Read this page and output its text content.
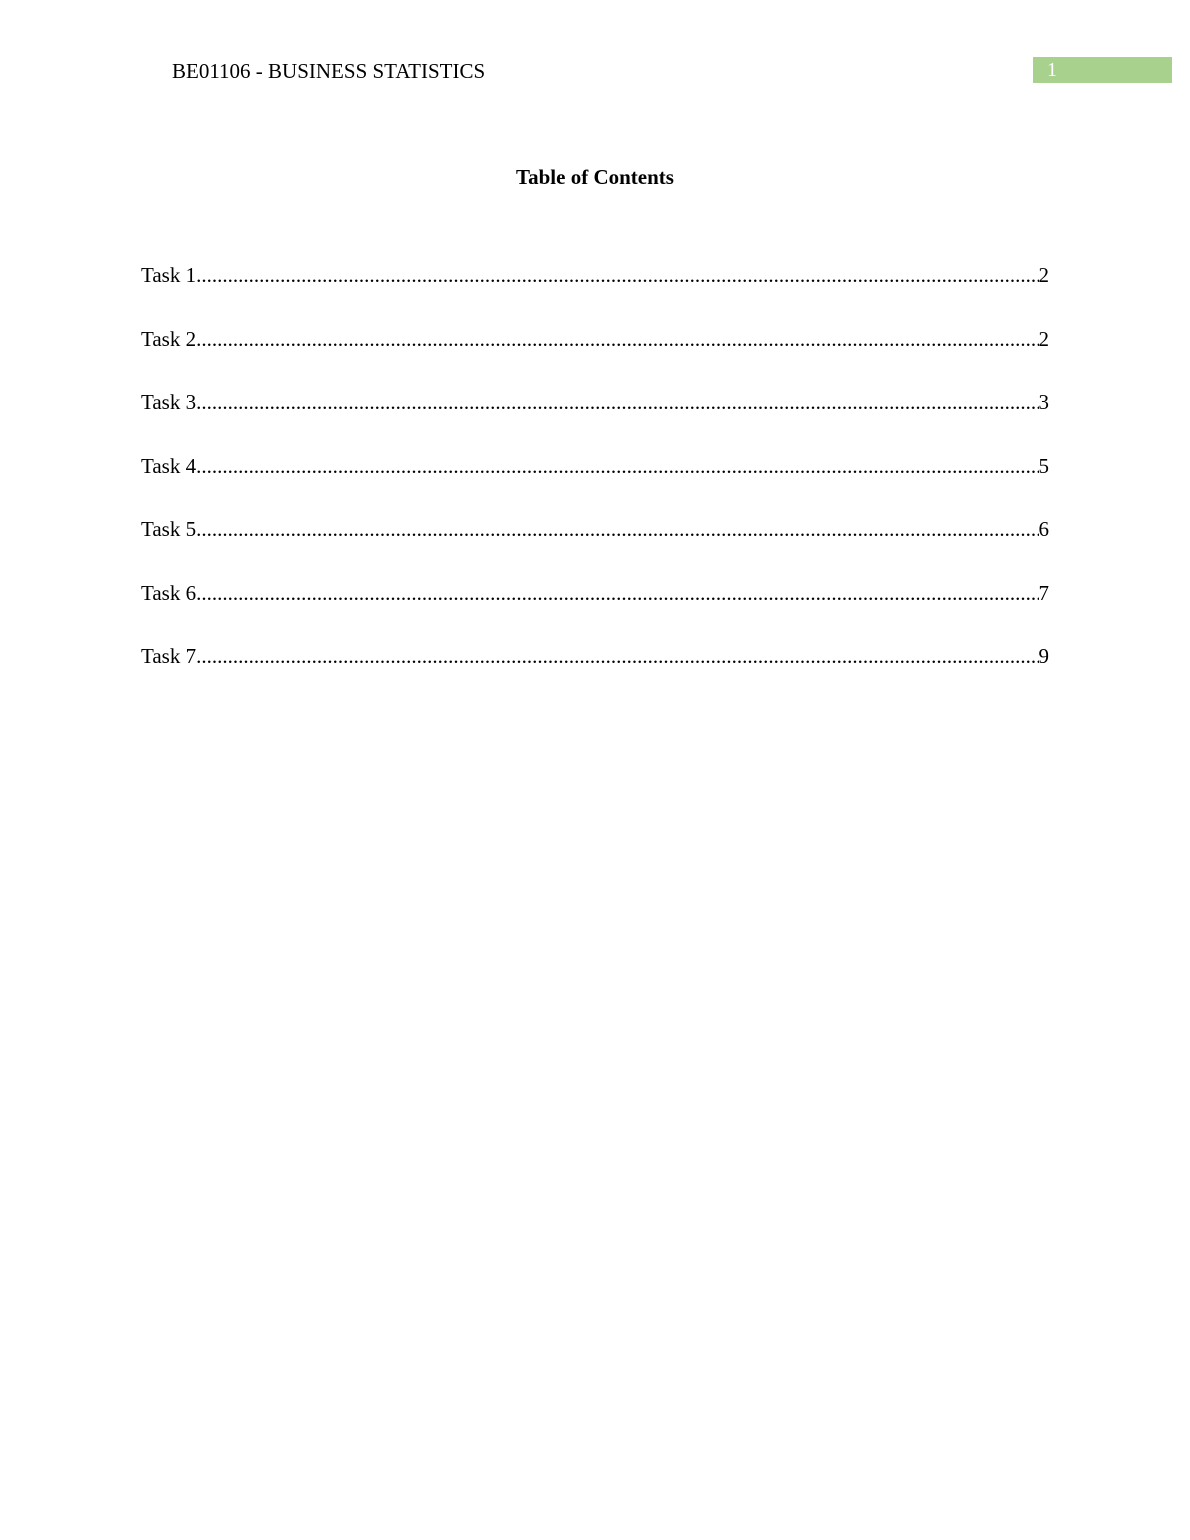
BE01106 - BUSINESS STATISTICS	1
Table of Contents
Task 1 .....	2
Task 2 .....	2
Task 3 .....	3
Task 4 .....	5
Task 5 .....	6
Task 6 .....	7
Task 7 .....	9
